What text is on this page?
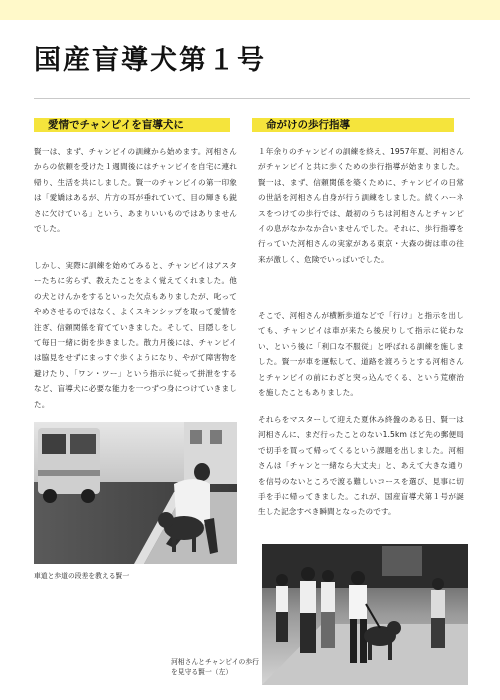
国産盲導犬第１号
愛情でチャンピイを盲導犬に

賢一は、まず、チャンピイの訓練から始めます。河相さんからの依頼を受けた１週間後にはチャンピイを自宅に連れ帰り、生活を共にしました。賢一のチャンピイの第一印象は「愛嬌はあるが、片方の耳が垂れていて、目の輝きも鋭さに欠けている」という、あまりいいものではありませんでした。

しかし、実際に訓練を始めてみると、チャンピイはアスターたちに劣らず、教えたことをよく覚えてくれました。他の犬とけんかをするといった欠点もありましたが、叱ってやめさせるのではなく、よくスキンシップを取って愛情を注ぎ、信頼関係を育てていきました。そして、目隠しをして毎日一緒に街を歩きました。散力月後には、チャンピイは脇見をせずにまっすぐ歩くようになり、やがて障害物を避けたり、「ワン・ツー」という指示に従って拼泄をするなど、盲導犬に必要な能力を一つずつ身につけていきました。

車道と歩道の段差を教える賢一

命がけの歩行指導

１年余りのチャンピイの訓練を終え、1957年夏、河相さんがチャンピイと共に歩くための歩行指導が始まりました。賢一は、まず、信頼関係を築くために、チャンピイの日常の世話を河相さん自身が行う訓練をしました。続くハーネスをつけての歩行では、最初のうちは河相さんとチャンピイの息がなかなか合いませんでした。それに、歩行指導を行っていた河相さんの実家がある東京・大森の街は車の往来が激しく、危険でいっぱいでした。

そこで、河相さんが横断歩道などで「行け」と指示を出しても、チャンピイは車が来たら後戻りして指示に従わない、という後に「利口な不服従」と呼ばれる訓練を施しました。賢一が車を運転して、道路を渡ろうとする河相さんとチャンピイの前にわざと突っ込んでくる、という荒療治を施したこともありました。

それらをマスターして迎えた夏休み終盤のある日、賢一は河相さんに、まだ行ったことのない1.5km ほど先の郵便局で切手を買って帰ってくるという課題を出しました。河相さんは「チャンと一緒なら大丈夫」と、あえて大きな通りを信号のないところで渡る難しいコースを選び、見事に切手を手に帰ってきました。これが、国産盲導犬第１号が誕生した記念すべき瞬間となったのです。

河相さんとチャンピイの歩行を見守る賢一（左）
